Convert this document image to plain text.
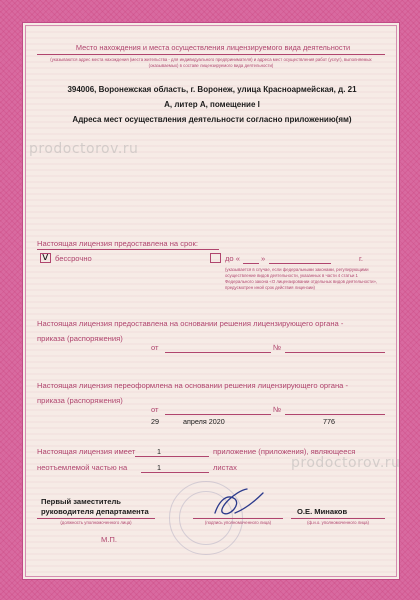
Место нахождения и места осуществления лицензируемого вида деятельности
(указываются адрес места нахождения (места жительства - для индивидуального предпринимателя) и адреса мест осуществления работ (услуг), выполняемых (оказываемых) в составе лицензируемого вида деятельности)
394006, Воронежская область, г. Воронеж, улица Красноармейская, д. 21
А, литер А, помещение I
Адреса мест осуществления деятельности согласно приложению(ям)
prodoctorov.ru
prodoctorov.ru
Настоящая лицензия предоставлена на срок:
v бессрочно	до «	»	г.
(указывается в случае, если федеральными законами, регулирующими осуществление видов деятельности, указанных в части 4 статьи 1 Федерального закона «О лицензировании отдельных видов деятельности», предусмотрен иной срок действия лицензии)
Настоящая лицензия предоставлена на основании решения лицензирующего органа -
приказа (распоряжения)
от	№
Настоящая лицензия переоформлена на основании решения лицензирующего органа -
приказа (распоряжения)
от
29	апреля 2020
№
776
Настоящая лицензия имеет	1	приложение (приложения), являющееся
неотъемлемой частью на	1	листах
Первый заместитель
руководителя департамента
(должность уполномоченного лица)	(подпись уполномоченного лица)
О.Е. Минаков
(ф.и.о. уполномоченного лица)
М.П.
